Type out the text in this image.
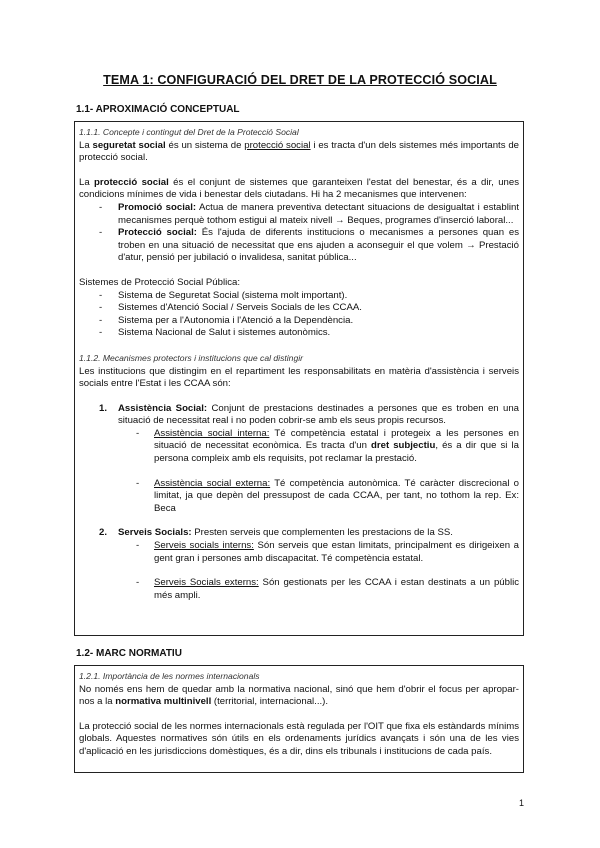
TEMA 1: CONFIGURACIÓ DEL DRET DE LA PROTECCIÓ SOCIAL
1.1- APROXIMACIÓ CONCEPTUAL
1.1.1. Concepte i contingut del Dret de la Protecció Social

La seguretat social és un sistema de protecció social i es tracta d'un dels sistemes més importants de protecció social.

La protecció social és el conjunt de sistemes que garanteixen l'estat del benestar, és a dir, unes condicions mínimes de vida i benestar dels ciutadans. Hi ha 2 mecanismes que intervenen:

- Promoció social: Actua de manera preventiva detectant situacions de desigualtat i establint mecanismes perquè tothom estigui al mateix nivell → Beques, programes d'inserció laboral...
- Protecció social: És l'ajuda de diferents institucions o mecanismes a persones quan es troben en una situació de necessitat que ens ajuden a aconseguir el que volem → Prestació d'atur, pensió per jubilació o invalidesa, sanitat pública...

Sistemes de Protecció Social Pública:

- Sistema de Seguretat Social (sistema molt important).
- Sistemes d'Atenció Social / Serveis Socials de les CCAA.
- Sistema per a l'Autonomia i l'Atenció a la Dependència.
- Sistema Nacional de Salut i sistemes autonòmics.
1.1.2. Mecanismes protectors i institucions que cal distingir

Les institucions que distingim en el repartiment les responsabilitats en matèria d'assistència i serveis socials entre l'Estat i les CCAA són:

1. Assistència Social: Conjunt de prestacions destinades a persones que es troben en una situació de necessitat real i no poden cobrir-se amb els seus propis recursos.
- Assistència social interna: Té competència estatal i protegeix a les persones en situació de necessitat econòmica. Es tracta d'un dret subjectiu, és a dir que si la persona compleix amb els requisits, pot reclamar la prestació.
- Assistència social externa: Té competència autonòmica. Té caràcter discrecional o limitat, ja que depèn del pressupost de cada CCAA, per tant, no tothom la rep. Ex: Beca
2. Serveis Socials: Presten serveis que complementen les prestacions de la SS.
- Serveis socials interns: Són serveis que estan limitats, principalment es dirigeixen a gent gran i persones amb discapacitat. Té competència estatal.
- Serveis Socials externs: Són gestionats per les CCAA i estan destinats a un públic més ampli.
1.2- MARC NORMATIU
1.2.1. Importància de les normes internacionals

No només ens hem de quedar amb la normativa nacional, sinó que hem d'obrir el focus per apropar-nos a la normativa multinivell (territorial, internacional...).

La protecció social de les normes internacionals està regulada per l'OIT que fixa els estàndards mínims globals. Aquestes normatives són útils en els ordenaments jurídics avançats i són una de les vies d'aplicació en les jurisdiccions domèstiques, és a dir, dins els tribunals i institucions de cada país.

1
